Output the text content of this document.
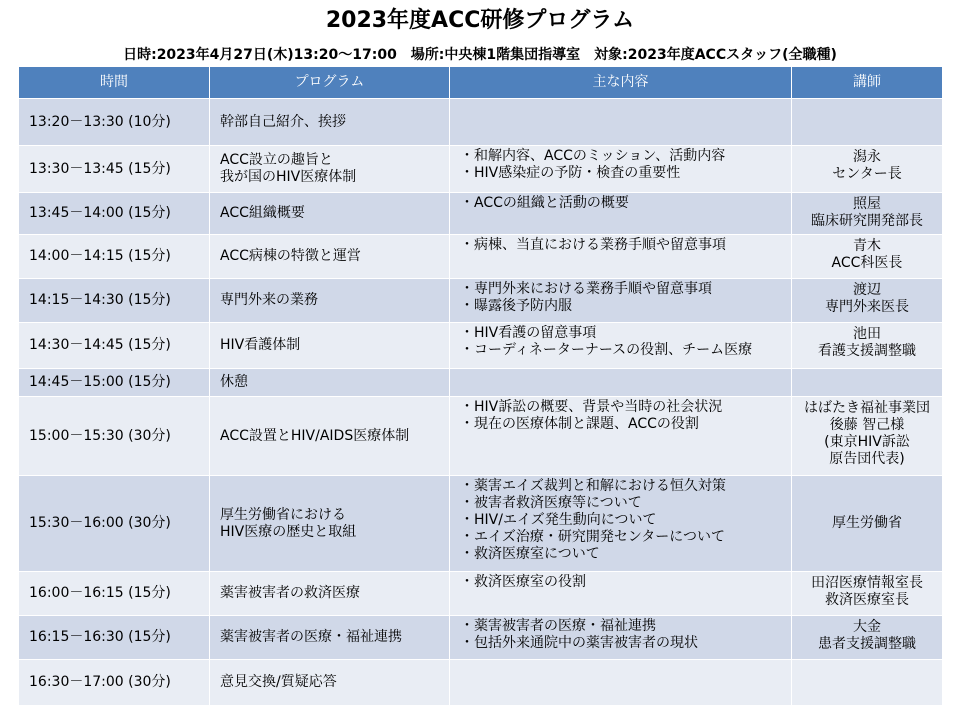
2023年度ACC研修プログラム
日時:2023年4月27日(木)13:20～17:00　場所:中央棟1階集団指導室　対象:2023年度ACCスタッフ(全職種)
時間	プログラム	主な内容	講師
13:20－13:30 (10分)	幹部自己紹介、挨拶		

13:30－13:45 (15分)	ACC設立の趣旨と
我が国のHIV医療体制	・和解内容、ACCのミッション、活動内容
・HIV感染症の予防・検査の重要性	潟永
センター長

13:45－14:00 (15分)	ACC組織概要	・ACCの組織と活動の概要	照屋
臨床研究開発部長

14:00－14:15 (15分)	ACC病棟の特徴と運営	・病棟、当直における業務手順や留意事項	青木
ACC科医長

14:15－14:30 (15分)	専門外来の業務	・専門外来における業務手順や留意事項
・曝露後予防内服	渡辺
専門外来医長

14:30－14:45 (15分)	HIV看護体制	・HIV看護の留意事項
・コーディネーターナースの役割、チーム医療	池田
看護支援調整職

14:45－15:00 (15分)	休憩		

15:00－15:30 (30分)	ACC設置とHIV/AIDS医療体制	・HIV訴訟の概要、背景や当時の社会状況
・現在の医療体制と課題、ACCの役割	はばたき福祉事業団
後藤 智己様
(東京HIV訴訟
原告団代表)

15:30－16:00 (30分)	厚生労働省における
HIV医療の歴史と取組	・薬害エイズ裁判と和解における恒久対策
・被害者救済医療等について
・HIV/エイズ発生動向について
・エイズ治療・研究開発センターについて
・救済医療室について	厚生労働省

16:00－16:15 (15分)	薬害被害者の救済医療	・救済医療室の役割	田沼医療情報室長
救済医療室長

16:15－16:30 (15分)	薬害被害者の医療・福祉連携	・薬害被害者の医療・福祉連携
・包括外来通院中の薬害被害者の現状	大金
患者支援調整職

16:30－17:00 (30分)	意見交換/質疑応答		
